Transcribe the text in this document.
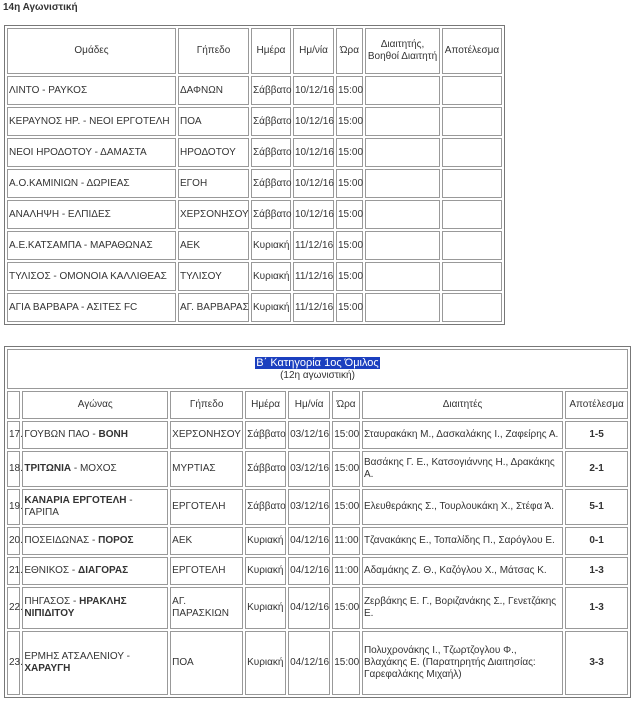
14η Αγωνιστική
Ομάδες	Γήπεδο	Ημέρα	Ημ/νία	Ώρα	Διαιτητής, Βοηθοί Διαιτητή	Αποτέλεσμα
ΛΙΝΤΟ - ΡΑΥΚΟΣ	ΔΑΦΝΩΝ	Σάββατο	10/12/16	15:00		
ΚΕΡΑΥΝΟΣ ΗΡ. - ΝΕΟΙ ΕΡΓΟΤΕΛΗ	ΠΟΑ	Σάββατο	10/12/16	15:00		
ΝΕΟΙ ΗΡΟΔΟΤΟΥ - ΔΑΜΑΣΤΑ	ΗΡΟΔΟΤΟΥ	Σάββατο	10/12/16	15:00		
Α.Ο.ΚΑΜΙΝΙΩΝ - ΔΩΡΙΕΑΣ	ΕΓΟΗ	Σάββατο	10/12/16	15:00		
ΑΝΑΛΗΨΗ - ΕΛΠΙΔΕΣ	ΧΕΡΣΟΝΗΣΟΥ	Σάββατο	10/12/16	15:00		
Α.Ε.ΚΑΤΣΑΜΠΑ - ΜΑΡΑΘΩΝΑΣ	ΑΕΚ	Κυριακή	11/12/16	15:00		
ΤΥΛΙΣΟΣ - ΟΜΟΝΟΙΑ ΚΑΛΛΙΘΕΑΣ	ΤΥΛΙΣΟΥ	Κυριακή	11/12/16	15:00		
ΑΓΙΑ ΒΑΡΒΑΡΑ - ΑΣΙΤΕΣ FC	ΑΓ. ΒΑΡΒΑΡΑΣ	Κυριακή	11/12/16	15:00		
Β΄ Κατηγορία 1ος Όμιλος
(12η αγωνιστική)							
	Αγώνας	Γήπεδο	Ημέρα	Ημ/νία	Ώρα	Διαιτητές	Αποτέλεσμα
17.	ΓΟΥΒΩΝ ΠΑΟ - ΒΟΝΗ	ΧΕΡΣΟΝΗΣΟΥ	Σάββατο	03/12/16	15:00	Σταυρακάκη Μ., Δασκαλάκης Ι., Ζαφείρης Α.	1-5
18.	ΤΡΙΤΩΝΙΑ - ΜΟΧΟΣ	ΜΥΡΤΙΑΣ	Σάββατο	03/12/16	15:00	Βασάκης Γ. Ε., Κατσογιάννης Η., Δρακάκης Α.	2-1
19.	ΚΑΝΑΡΙΑ ΕΡΓΟΤΕΛΗ - ΓΑΡΙΠΑ	ΕΡΓΟΤΕΛΗ	Σάββατο	03/12/16	15:00	Ελευθεράκης Σ., Τουρλουκάκη Χ., Στέφα Ά.	5-1
20.	ΠΟΣΕΙΔΩΝΑΣ - ΠΟΡΟΣ	ΑΕΚ	Κυριακή	04/12/16	11:00	Τζανακάκης Ε., Τοπαλίδης Π., Σαρόγλου Ε.	0-1
21.	ΕΘΝΙΚΟΣ - ΔΙΑΓΟΡΑΣ	ΕΡΓΟΤΕΛΗ	Κυριακή	04/12/16	11:00	Αδαμάκης Ζ. Θ., Καζόγλου Χ., Μάτσας Κ.	1-3
22.	ΠΗΓΑΣΟΣ - ΗΡΑΚΛΗΣ ΝΙΠΙΔΙΤΟΥ	ΑΓ. ΠΑΡΑΣΚΙΩΝ	Κυριακή	04/12/16	15:00	Ζερβάκης Ε. Γ., Βοριζανάκης Σ., Γενετζάκης Ε.	1-3
23.	ΕΡΜΗΣ ΑΤΣΑΛΕΝΙΟΥ - ΧΑΡΑΥΓΗ	ΠΟΑ	Κυριακή	04/12/16	15:00	Πολυχρονάκης Ι., Τζωρτζογλου Φ., Βλαχάκης Ε. (Παρατηρητής Διαιτησίας: Γαρεφαλάκης Μιχαήλ)	3-3
